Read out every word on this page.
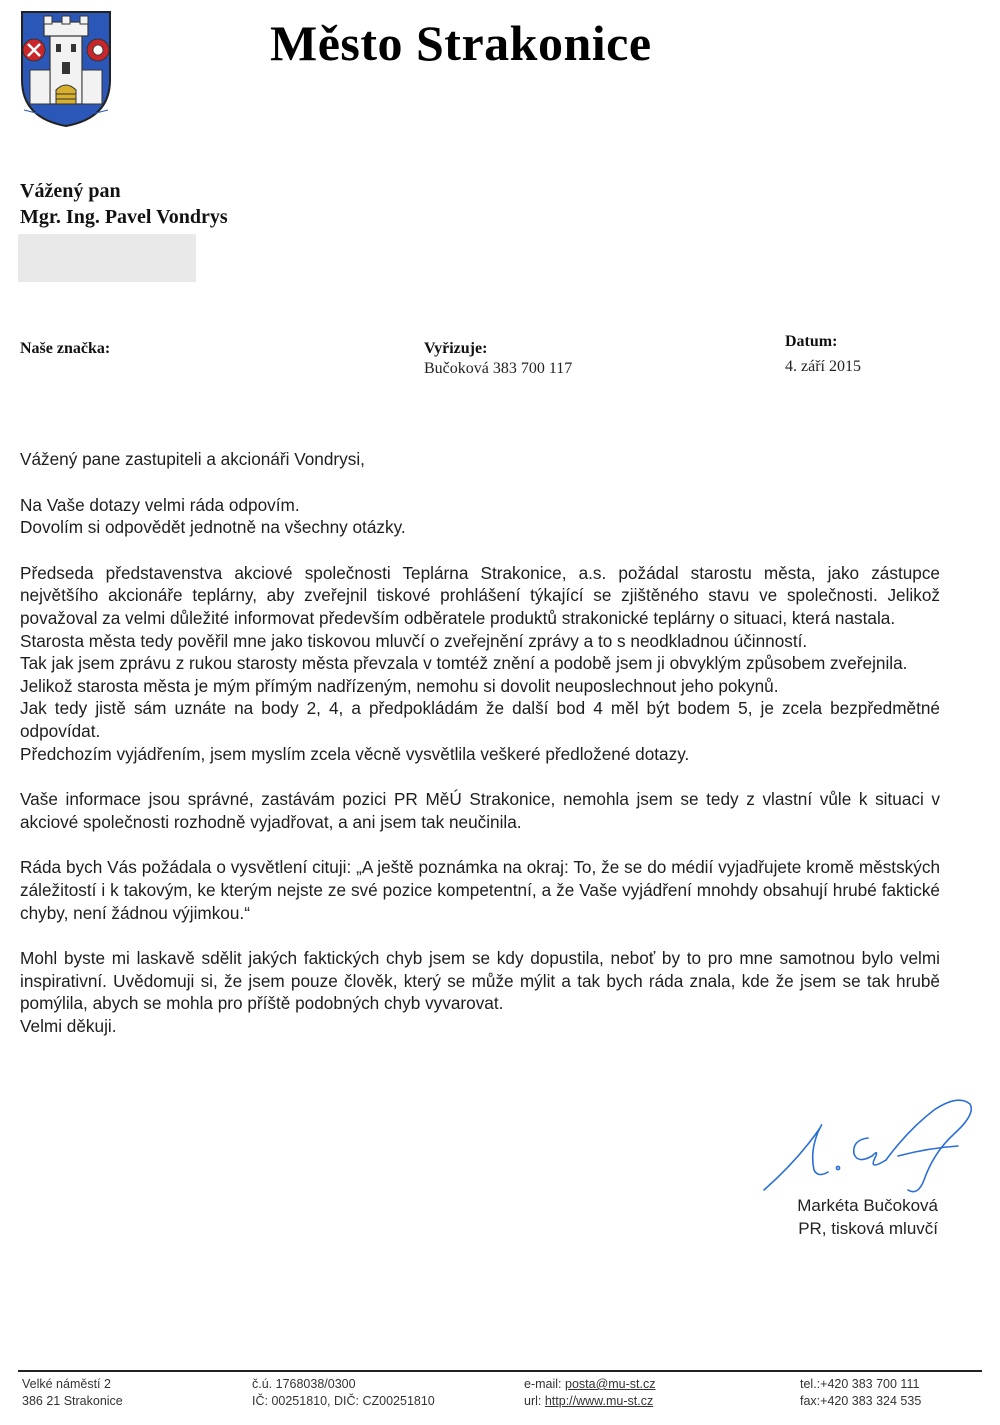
Město Strakonice
Vážený pan
Mgr. Ing. Pavel Vondrys
Naše značka:	Vyřizuje:
Bučoková 383 700 117
Datum:
4. září 2015

Vážený pane zastupiteli a akcionáři Vondrysi,

Na Vaše dotazy velmi ráda odpovím.
Dovolím si odpovědět jednotně na všechny otázky.

Předseda představenstva akciové společnosti Teplárna Strakonice, a.s. požádal starostu města, jako zástupce největšího akcionáře teplárny, aby zveřejnil tiskové prohlášení týkající se zjištěného stavu ve společnosti. Jelikož považoval za velmi důležité informovat především odběratele produktů strakonické teplárny o situaci, která nastala.
Starosta města tedy pověřil mne jako tiskovou mluvčí o zveřejnění zprávy a to s neodkladnou účinností.
Tak jak jsem zprávu z rukou starosty města převzala v tomtéž znění a podobě jsem ji obvyklým způsobem zveřejnila.
Jelikož starosta města je mým přímým nadřízeným, nemohu si dovolit neuposlechnout jeho pokynů.
Jak tedy jistě sám uznáte na body 2, 4, a předpokládám že další bod 4 měl být bodem 5, je zcela bezpředmětné odpovídat.
Předchozím vyjádřením, jsem myslím zcela věcně vysvětlila veškeré předložené dotazy.

Vaše informace jsou správné, zastávám pozici PR MěÚ Strakonice, nemohla jsem se tedy z vlastní vůle k situaci v akciové společnosti rozhodně vyjadřovat, a ani jsem tak neučinila.

Ráda bych Vás požádala o vysvětlení cituji: „A ještě poznámka na okraj: To, že se do médií vyjadřujete kromě městských záležitostí i k takovým, ke kterým nejste ze své pozice kompetentní, a že Vaše vyjádření mnohdy obsahují hrubé faktické chyby, není žádnou výjimkou.“

Mohl byste mi laskavě sdělit jakých faktických chyb jsem se kdy dopustila, neboť by to pro mne samotnou bylo velmi inspirativní. Uvědomuji si, že jsem pouze člověk, který se může mýlit a tak bych ráda znala, kde že jsem se tak hrubě pomýlila, abych se mohla pro příště podobných chyb vyvarovat.
Velmi děkuji.

Markéta Bučoková
PR, tisková mluvčí
Velké náměstí 2
386 21 Strakonice
č.ú. 1768038/0300
IČ: 00251810, DIČ: CZ00251810
e-mail: posta@mu-st.cz
url: http://www.mu-st.cz
tel.:+420 383 700 111
fax:+420 383 324 535
